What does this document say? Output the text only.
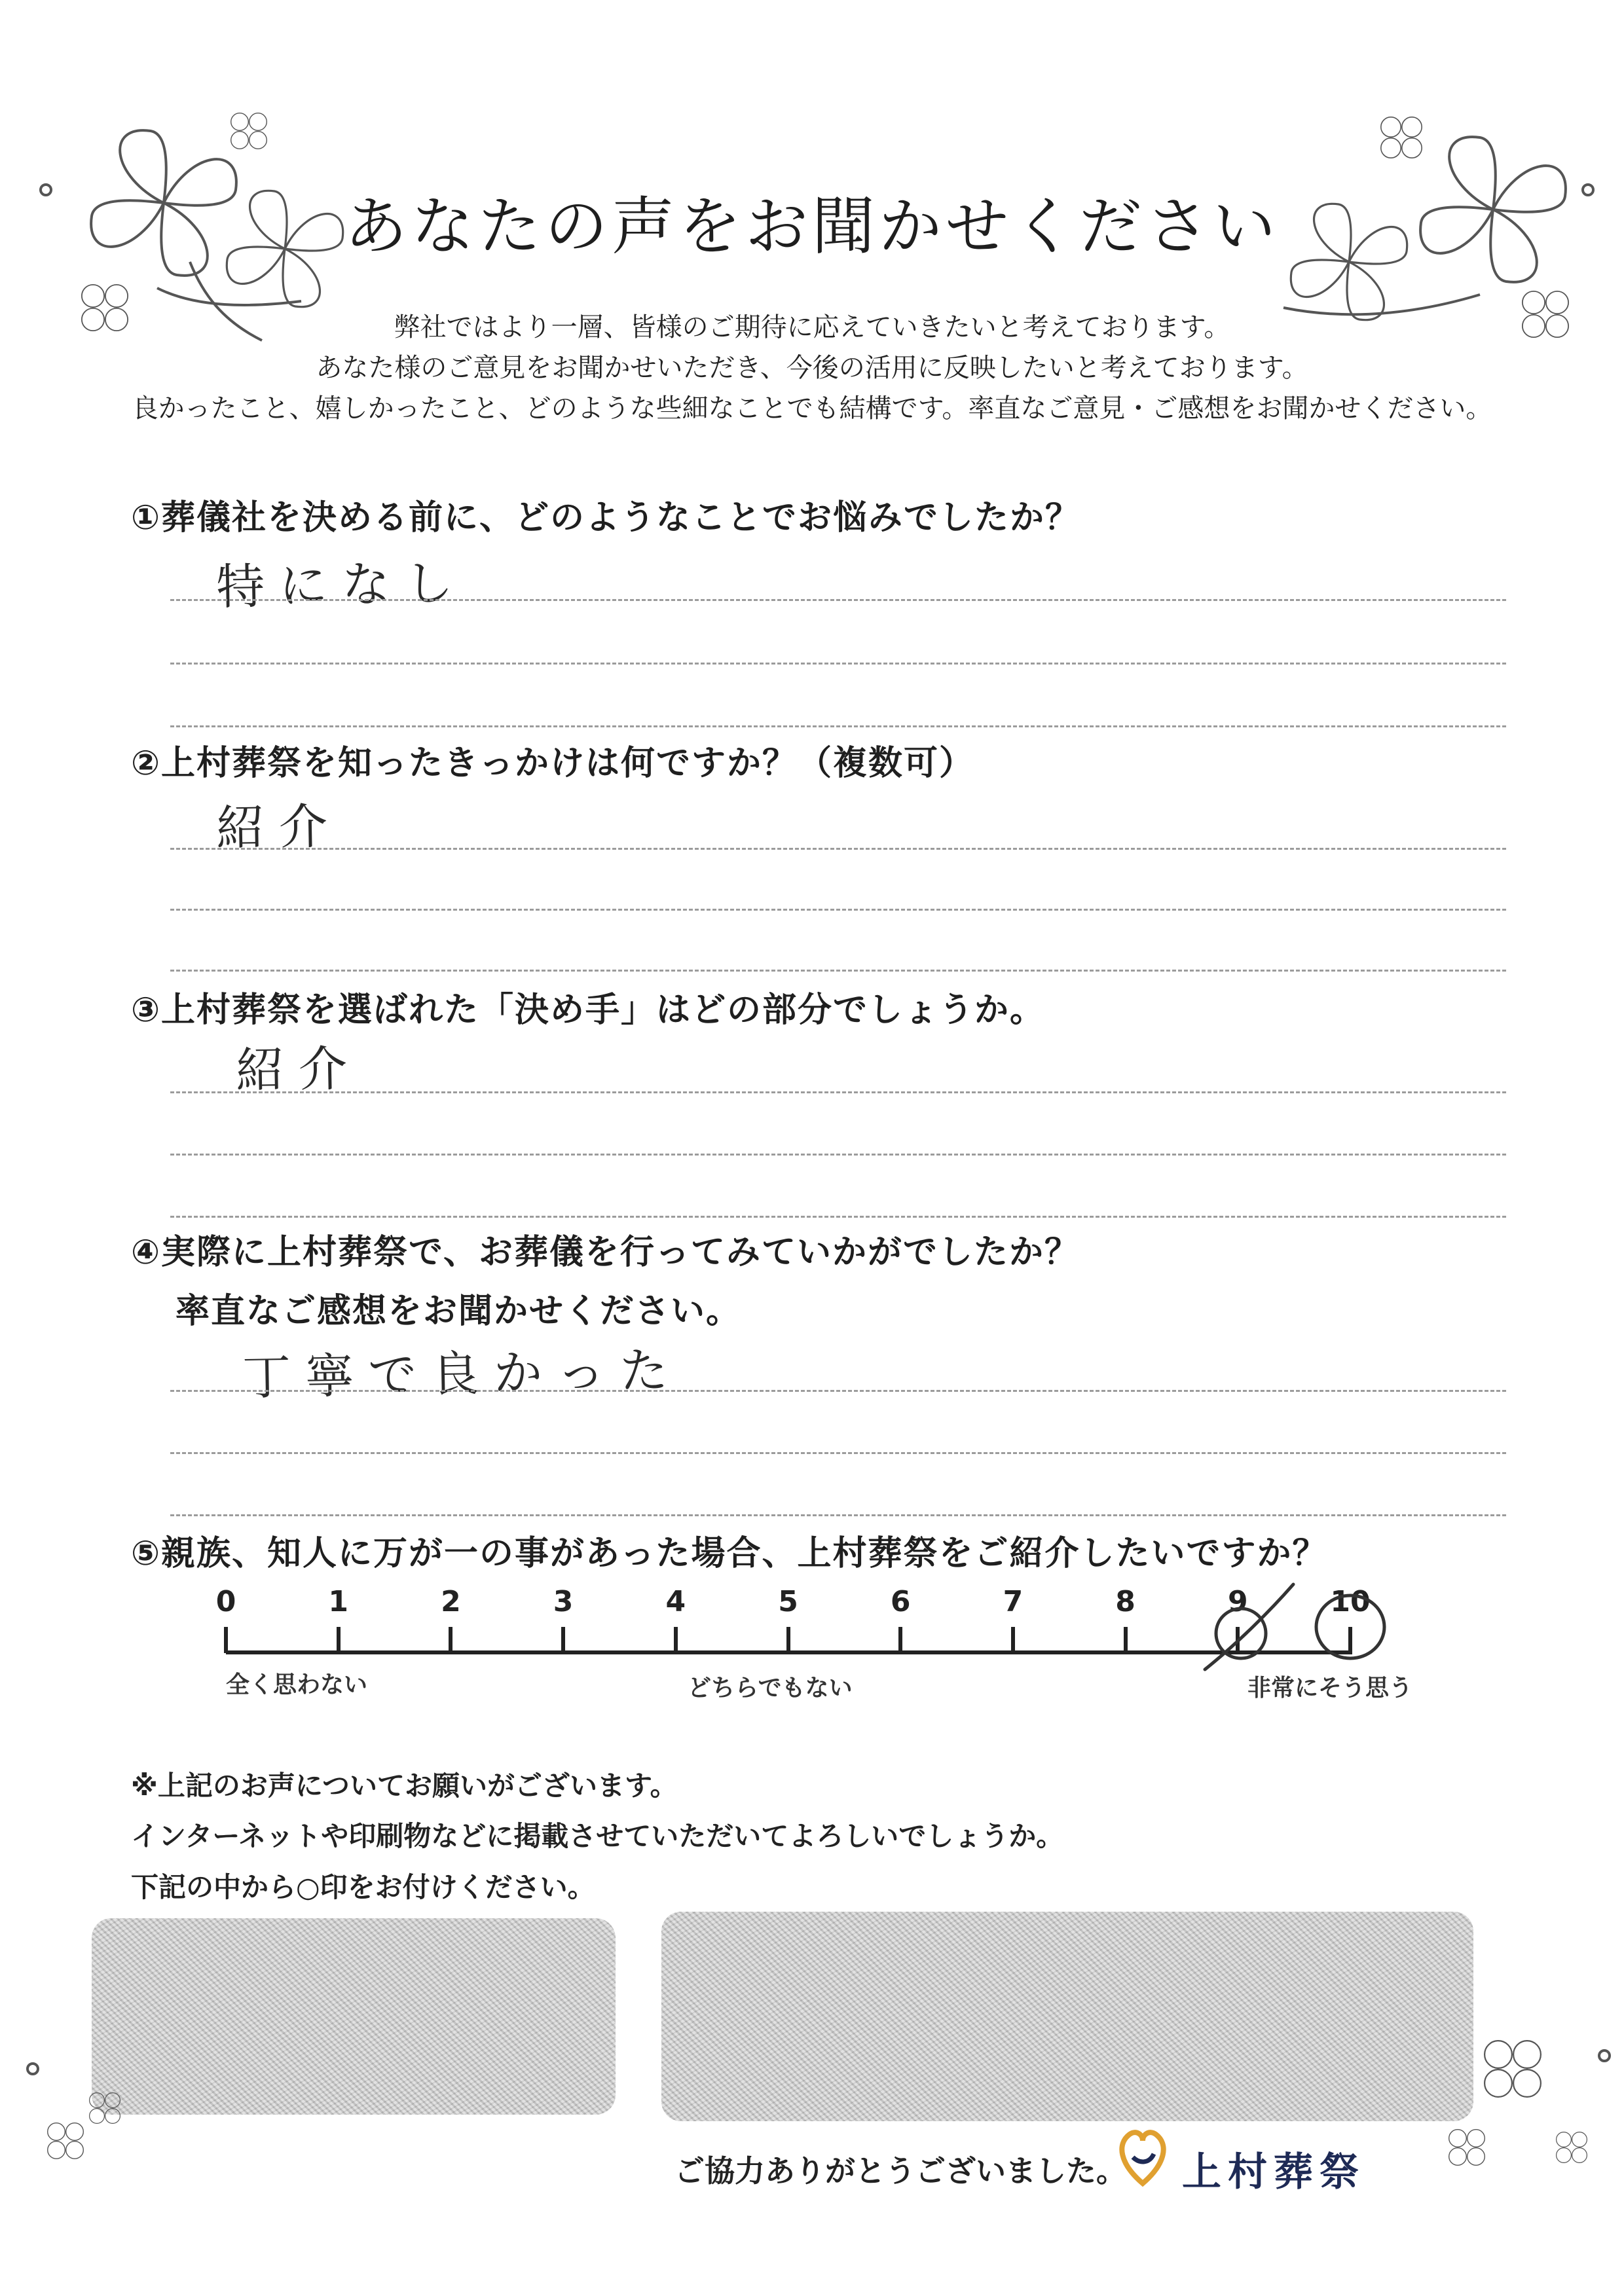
あなたの声をお聞かせください
弊社ではより一層、皆様のご期待に応えていきたいと考えております。
あなた様のご意見をお聞かせいただき、今後の活用に反映したいと考えております。
良かったこと、嬉しかったこと、どのような些細なことでも結構です。率直なご意見・ご感想をお聞かせください。
①葬儀社を決める前に、どのようなことでお悩みでしたか？
特になし
②上村葬祭を知ったきっかけは何ですか？（複数可）
紹介
③上村葬祭を選ばれた「決め手」はどの部分でしょうか。
紹介
④実際に上村葬祭で、お葬儀を行ってみていかがでしたか？
率直なご感想をお聞かせください。
丁寧で良かった
⑤親族、知人に万が一の事があった場合、上村葬祭をご紹介したいですか？
0	1	2	3	4	5	6	7	8	9	10
全く思わない	どちらでもない	非常にそう思う
※上記のお声についてお願いがございます。
インターネットや印刷物などに掲載させていただいてよろしいでしょうか。
下記の中から○印をお付けください。
ご協力ありがとうございました。 上村葬祭
